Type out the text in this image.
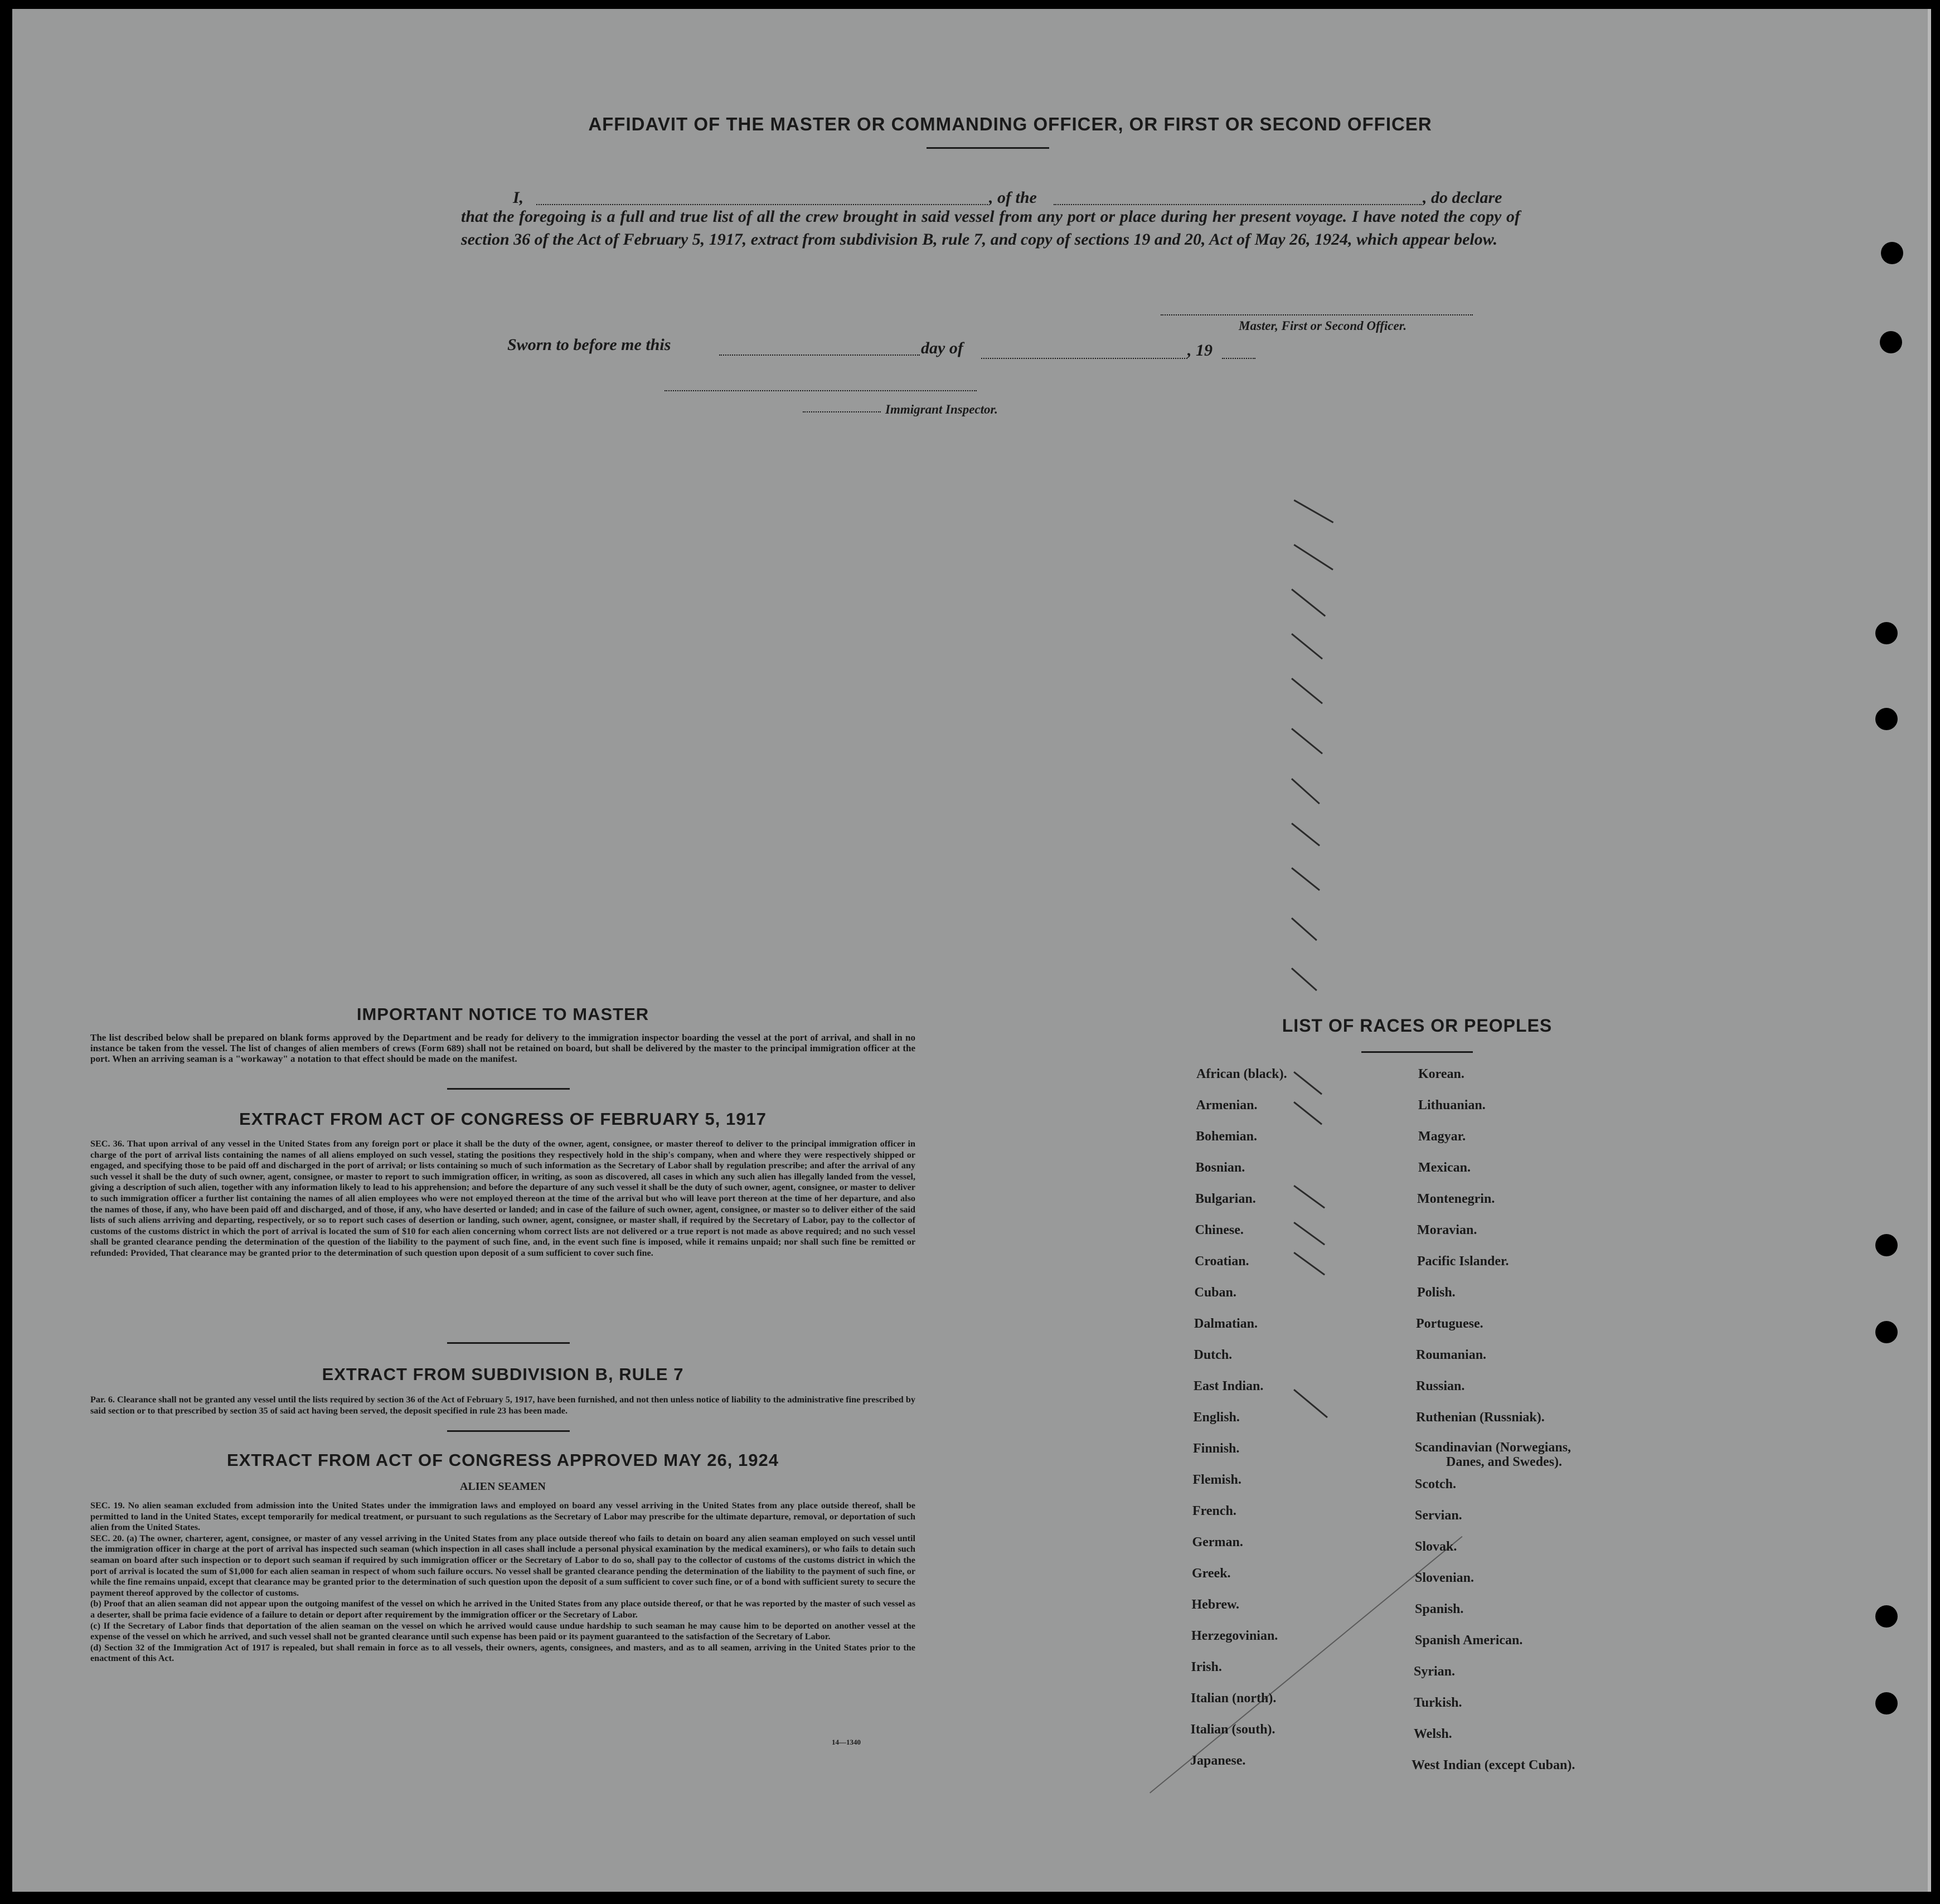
AFFIDAVIT OF THE MASTER OR COMMANDING OFFICER, OR FIRST OR SECOND OFFICER
I,	, of the	, do declare
that the foregoing is a full and true list of all the crew brought in said vessel from any port or place during her present voyage. I have noted the copy of section 36 of the Act of February 5, 1917, extract from subdivision B, rule 7, and copy of sections 19 and 20, Act of May 26, 1924, which appear below.
Master, First or Second Officer.
Sworn to before me this	day of	, 19
Immigrant Inspector.
IMPORTANT NOTICE TO MASTER
The list described below shall be prepared on blank forms approved by the Department and be ready for delivery to the immigration inspector boarding the vessel at the port of arrival, and shall in no instance be taken from the vessel. The list of changes of alien members of crews (Form 689) shall not be retained on board, but shall be delivered by the master to the principal immigration officer at the port. When an arriving seaman is a "workaway" a notation to that effect should be made on the manifest.
EXTRACT FROM ACT OF CONGRESS OF FEBRUARY 5, 1917
SEC. 36. That upon arrival of any vessel in the United States from any foreign port or place it shall be the duty of the owner, agent, consignee, or master thereof to deliver to the principal immigration officer in charge of the port of arrival lists containing the names of all aliens employed on such vessel, stating the positions they respectively hold in the ship's company, when and where they were respectively shipped or engaged, and specifying those to be paid off and discharged in the port of arrival; or lists containing so much of such information as the Secretary of Labor shall by regulation prescribe; and after the arrival of any such vessel it shall be the duty of such owner, agent, consignee, or master to report to such immigration officer, in writing, as soon as discovered, all cases in which any such alien has illegally landed from the vessel, giving a description of such alien, together with any information likely to lead to his apprehension; and before the departure of any such vessel it shall be the duty of such owner, agent, consignee, or master to deliver to such immigration officer a further list containing the names of all alien employees who were not employed thereon at the time of the arrival but who will leave port thereon at the time of her departure, and also the names of those, if any, who have been paid off and discharged, and of those, if any, who have deserted or landed; and in case of the failure of such owner, agent, consignee, or master so to deliver either of the said lists of such aliens arriving and departing, respectively, or so to report such cases of desertion or landing, such owner, agent, consignee, or master shall, if required by the Secretary of Labor, pay to the collector of customs of the customs district in which the port of arrival is located the sum of $10 for each alien concerning whom correct lists are not delivered or a true report is not made as above required; and no such vessel shall be granted clearance pending the determination of the question of the liability to the payment of such fine, and, in the event such fine is imposed, while it remains unpaid; nor shall such fine be remitted or refunded: Provided, That clearance may be granted prior to the determination of such question upon deposit of a sum sufficient to cover such fine.
EXTRACT FROM SUBDIVISION B, RULE 7
Par. 6. Clearance shall not be granted any vessel until the lists required by section 36 of the Act of February 5, 1917, have been furnished, and not then unless notice of liability to the administrative fine prescribed by said section or to that prescribed by section 35 of said act having been served, the deposit specified in rule 23 has been made.
EXTRACT FROM ACT OF CONGRESS APPROVED MAY 26, 1924
ALIEN SEAMEN
SEC. 19. No alien seaman excluded from admission into the United States under the immigration laws and employed on board any vessel arriving in the United States from any place outside thereof, shall be permitted to land in the United States, except temporarily for medical treatment, or pursuant to such regulations as the Secretary of Labor may prescribe for the ultimate departure, removal, or deportation of such alien from the United States.
SEC. 20. (a) The owner, charterer, agent, consignee, or master of any vessel arriving in the United States from any place outside thereof who fails to detain on board any alien seaman employed on such vessel until the immigration officer in charge at the port of arrival has inspected such seaman (which inspection in all cases shall include a personal physical examination by the medical examiners), or who fails to detain such seaman on board after such inspection or to deport such seaman if required by such immigration officer or the Secretary of Labor to do so, shall pay to the collector of customs of the customs district in which the port of arrival is located the sum of $1,000 for each alien seaman in respect of whom such failure occurs. No vessel shall be granted clearance pending the determination of the liability to the payment of such fine, or while the fine remains unpaid, except that clearance may be granted prior to the determination of such question upon the deposit of a sum sufficient to cover such fine, or of a bond with sufficient surety to secure the payment thereof approved by the collector of customs.
(b) Proof that an alien seaman did not appear upon the outgoing manifest of the vessel on which he arrived in the United States from any place outside thereof, or that he was reported by the master of such vessel as a deserter, shall be prima facie evidence of a failure to detain or deport after requirement by the immigration officer or the Secretary of Labor.
(c) If the Secretary of Labor finds that deportation of the alien seaman on the vessel on which he arrived would cause undue hardship to such seaman he may cause him to be deported on another vessel at the expense of the vessel on which he arrived, and such vessel shall not be granted clearance until such expense has been paid or its payment guaranteed to the satisfaction of the Secretary of Labor.
(d) Section 32 of the Immigration Act of 1917 is repealed, but shall remain in force as to all vessels, their owners, agents, consignees, and masters, and as to all seamen, arriving in the United States prior to the enactment of this Act.
14—1340
LIST OF RACES OR PEOPLES
African (black).
Armenian.
Bohemian.
Bosnian.
Bulgarian.
Chinese.
Croatian.
Cuban.
Dalmatian.
Dutch.
East Indian.
English.
Finnish.
Flemish.
French.
German.
Greek.
Hebrew.
Herzegovinian.
Irish.
Italian (north).
Italian (south).
Japanese.
Korean.
Lithuanian.
Magyar.
Mexican.
Montenegrin.
Moravian.
Pacific Islander.
Polish.
Portuguese.
Roumanian.
Russian.
Ruthenian (Russniak).
Scandinavian (Norwegians,
Danes, and Swedes).
Scotch.
Servian.
Slovak.
Slovenian.
Spanish.
Spanish American.
Syrian.
Turkish.
Welsh.
West Indian (except Cuban).
